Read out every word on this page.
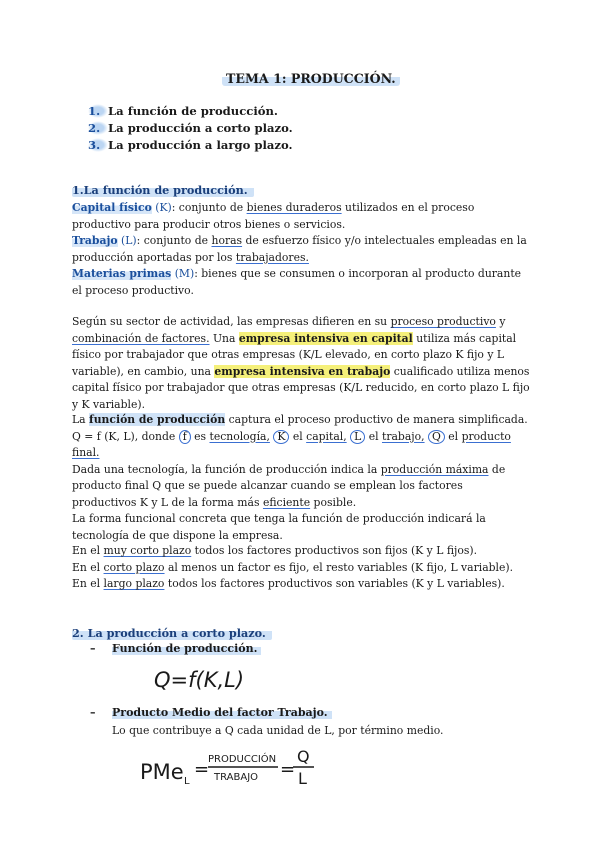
TEMA 1: PRODUCCIÓN.
1. La función de producción.
2. La producción a corto plazo.
3. La producción a largo plazo.
1.La función de producción.
Capital físico (K): conjunto de bienes duraderos utilizados en el proceso productivo para producir otros bienes o servicios.
Trabajo (L): conjunto de horas de esfuerzo físico y/o intelectuales empleadas en la producción aportadas por los trabajadores.
Materias primas (M): bienes que se consumen o incorporan al producto durante el proceso productivo.
Según su sector de actividad, las empresas difieren en su proceso productivo y combinación de factores. Una empresa intensiva en capital utiliza más capital físico por trabajador que otras empresas (K/L elevado, en corto plazo K fijo y L variable), en cambio, una empresa intensiva en trabajo cualificado utiliza menos capital físico por trabajador que otras empresas (K/L reducido, en corto plazo L fijo y K variable).
La función de producción captura el proceso productivo de manera simplificada.
Q = f (K, L), donde f es tecnología, K el capital, L el trabajo, Q el producto final.
Dada una tecnología, la función de producción indica la producción máxima de producto final Q que se puede alcanzar cuando se emplean los factores productivos K y L de la forma más eficiente posible.
La forma funcional concreta que tenga la función de producción indicará la tecnología de que dispone la empresa.
En el muy corto plazo todos los factores productivos son fijos (K y L fijos).
En el corto plazo al menos un factor es fijo, el resto variables (K fijo, L variable).
En el largo plazo todos los factores productivos son variables (K y L variables).
2. La producción a corto plazo.
– Función de producción.
Q=f(K,L)
– Producto Medio del factor Trabajo.
Lo que contribuye a Q cada unidad de L, por término medio.
PMe L
=
PRODUCCIÓN
TRABAJO =
Q
L
